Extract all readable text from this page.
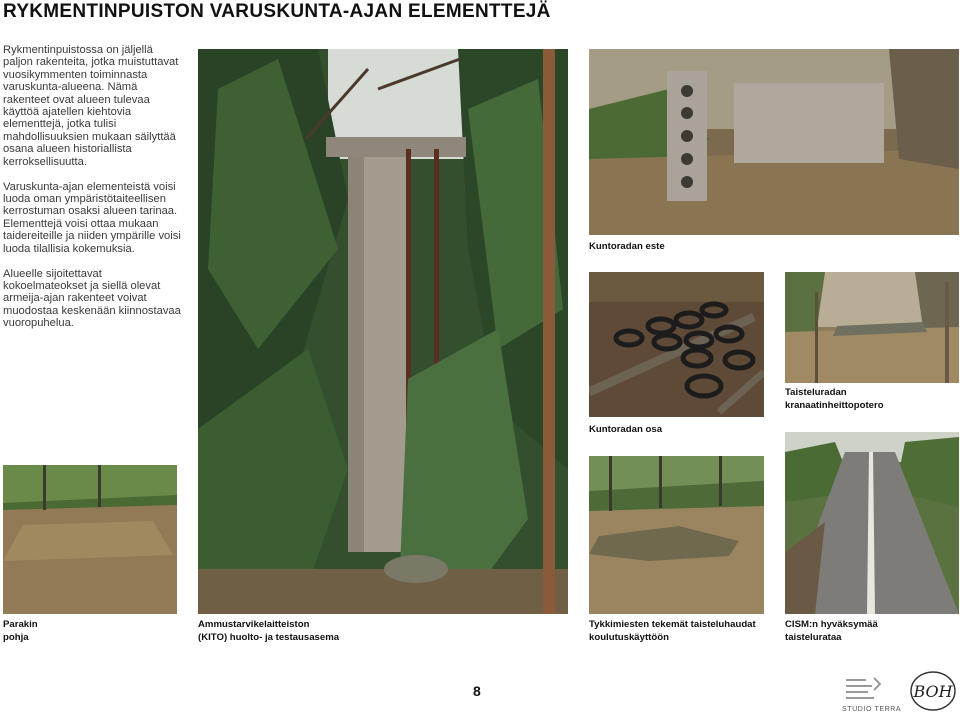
RYKMENTINPUISTON VARUSKUNTA-AJAN ELEMENTTEJÄ

Rykmentinpuistossa on jäljellä paljon rakenteita, jotka muistuttavat vuosikymmenten toiminnasta varuskunta-alueena. Nämä rakenteet ovat alueen tulevaa käyttöä ajatellen kiehtovia elementtejä, jotka tulisi mahdollisuuksien mukaan säilyttää osana alueen historiallista kerroksellisuutta.

Varuskunta-ajan elementeistä voisi luoda oman ympäristötaiteellisen kerrostuman osaksi alueen tarinaa. Elementtejä voisi ottaa mukaan taidereiteille ja niiden ympärille voisi luoda tilallisia kokemuksia.

Alueelle sijoitettavat kokoelmateokset ja siellä olevat armeija-ajan rakenteet voivat muodostaa keskenään kiinnostavaa vuoropuhelua.

Kuntoradan este
Kuntoradan osa
Taisteluradan
kranaatinheittopotero
Parakin
pohja
Ammustarvikelaitteiston
(KITO) huolto- ja testausasema
Tykkimiesten tekemät taisteluhaudat
koulutuskäyttöön
CISM:n hyväksymää
taistelurataa
8
STUDIO TERRA
BOH
